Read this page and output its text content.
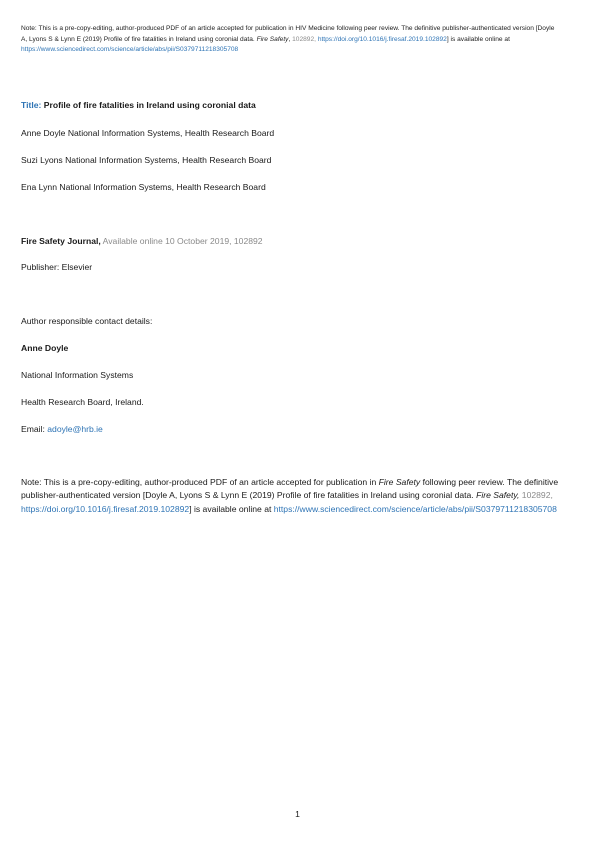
Note: This is a pre-copy-editing, author-produced PDF of an article accepted for publication in HIV Medicine following peer review. The definitive publisher-authenticated version [Doyle A, Lyons S & Lynn E (2019) Profile of fire fatalities in Ireland using coronial data. Fire Safety, 102892, https://doi.org/10.1016/j.firesaf.2019.102892] is available online at https://www.sciencedirect.com/science/article/abs/pii/S0379711218305708
Title: Profile of fire fatalities in Ireland using coronial data
Anne Doyle National Information Systems, Health Research Board
Suzi Lyons National Information Systems, Health Research Board
Ena Lynn National Information Systems, Health Research Board
Fire Safety Journal, Available online 10 October 2019, 102892
Publisher: Elsevier
Author responsible contact details:
Anne Doyle
National Information Systems
Health Research Board, Ireland.
Email: adoyle@hrb.ie
Note: This is a pre-copy-editing, author-produced PDF of an article accepted for publication in Fire Safety following peer review. The definitive publisher-authenticated version [Doyle A, Lyons S & Lynn E (2019) Profile of fire fatalities in Ireland using coronial data. Fire Safety, 102892, https://doi.org/10.1016/j.firesaf.2019.102892] is available online at https://www.sciencedirect.com/science/article/abs/pii/S0379711218305708
1
